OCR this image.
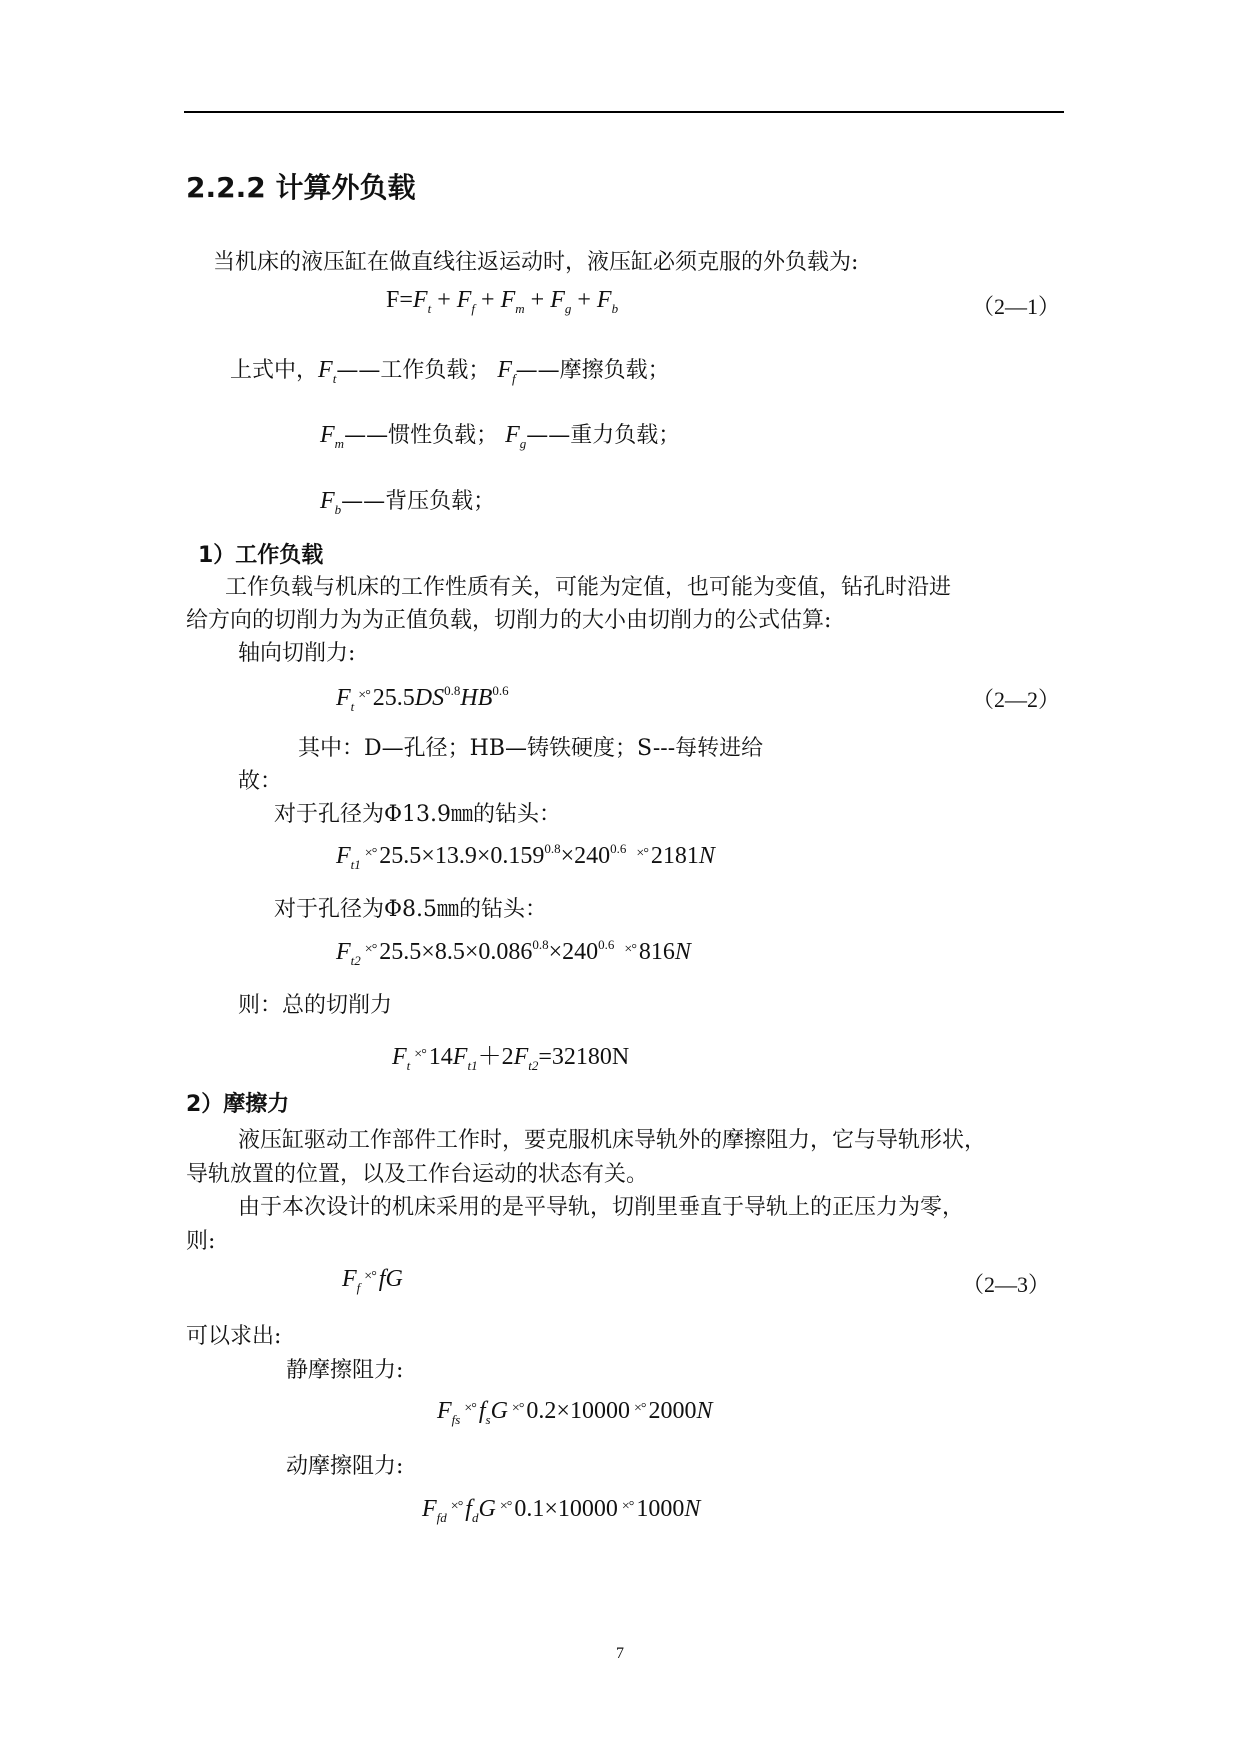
2.2.2 计算外负载
当机床的液压缸在做直线往返运动时，液压缸必须克服的外负载为:
$F=F_t + F_f + F_m + F_g + F_b$	（2—1）
上式中，$F_t——$工作负载； $F_f——$摩擦负载；
$F_m——$惯性负载； $F_g——$重力负载；
$F_b——$背压负载；
1）工作负载
工作负载与机床的工作性质有关，可能为定值，也可能为变值，钻孔时沿进
给方向的切削力为为正值负载，切削力的大小由切削力的公式估算:
轴向切削力:
$F_t^{\times^\circ}$ $25.5DS^{0.8}HB^{0.6}$	（2—2）
其中：D—孔径；HB—铸铁硬度；S---每转进给
故：
对于孔径为Φ13.9㎜的钻头：
$F_{t1}^{\times^\circ}$ $25.5\times 13.9\times 0.159^{0.8}\times 240^{0.6}$ ×° 2181N
对于孔径为Φ8.5㎜的钻头：
$F_{t2}^{\times^\circ}$ $25.5\times 8.5\times 0.086^{0.8}\times 240^{0.6}$ ×° 816N
则：总的切削力
$F_t^{\times^\circ}$ $14F_{t1}+2F_{t2}=32180N$
2）摩擦力
液压缸驱动工作部件工作时，要克服机床导轨外的摩擦阻力，它与导轨形状，
导轨放置的位置，以及工作台运动的状态有关。
由于本次设计的机床采用的是平导轨，切削里垂直于导轨上的正压力为零，
则:
$F_f^{\times^\circ}$ fG	（2—3）
可以求出:
静摩擦阻力:
$F_{fs}^{\times^\circ}$ $f_sG$ ×° 0.2×10000 ×° 2000N
动摩擦阻力:
$F_{fd}^{\times^\circ}$ $f_dG$ ×° 0.1×10000 ×° 1000N
7
